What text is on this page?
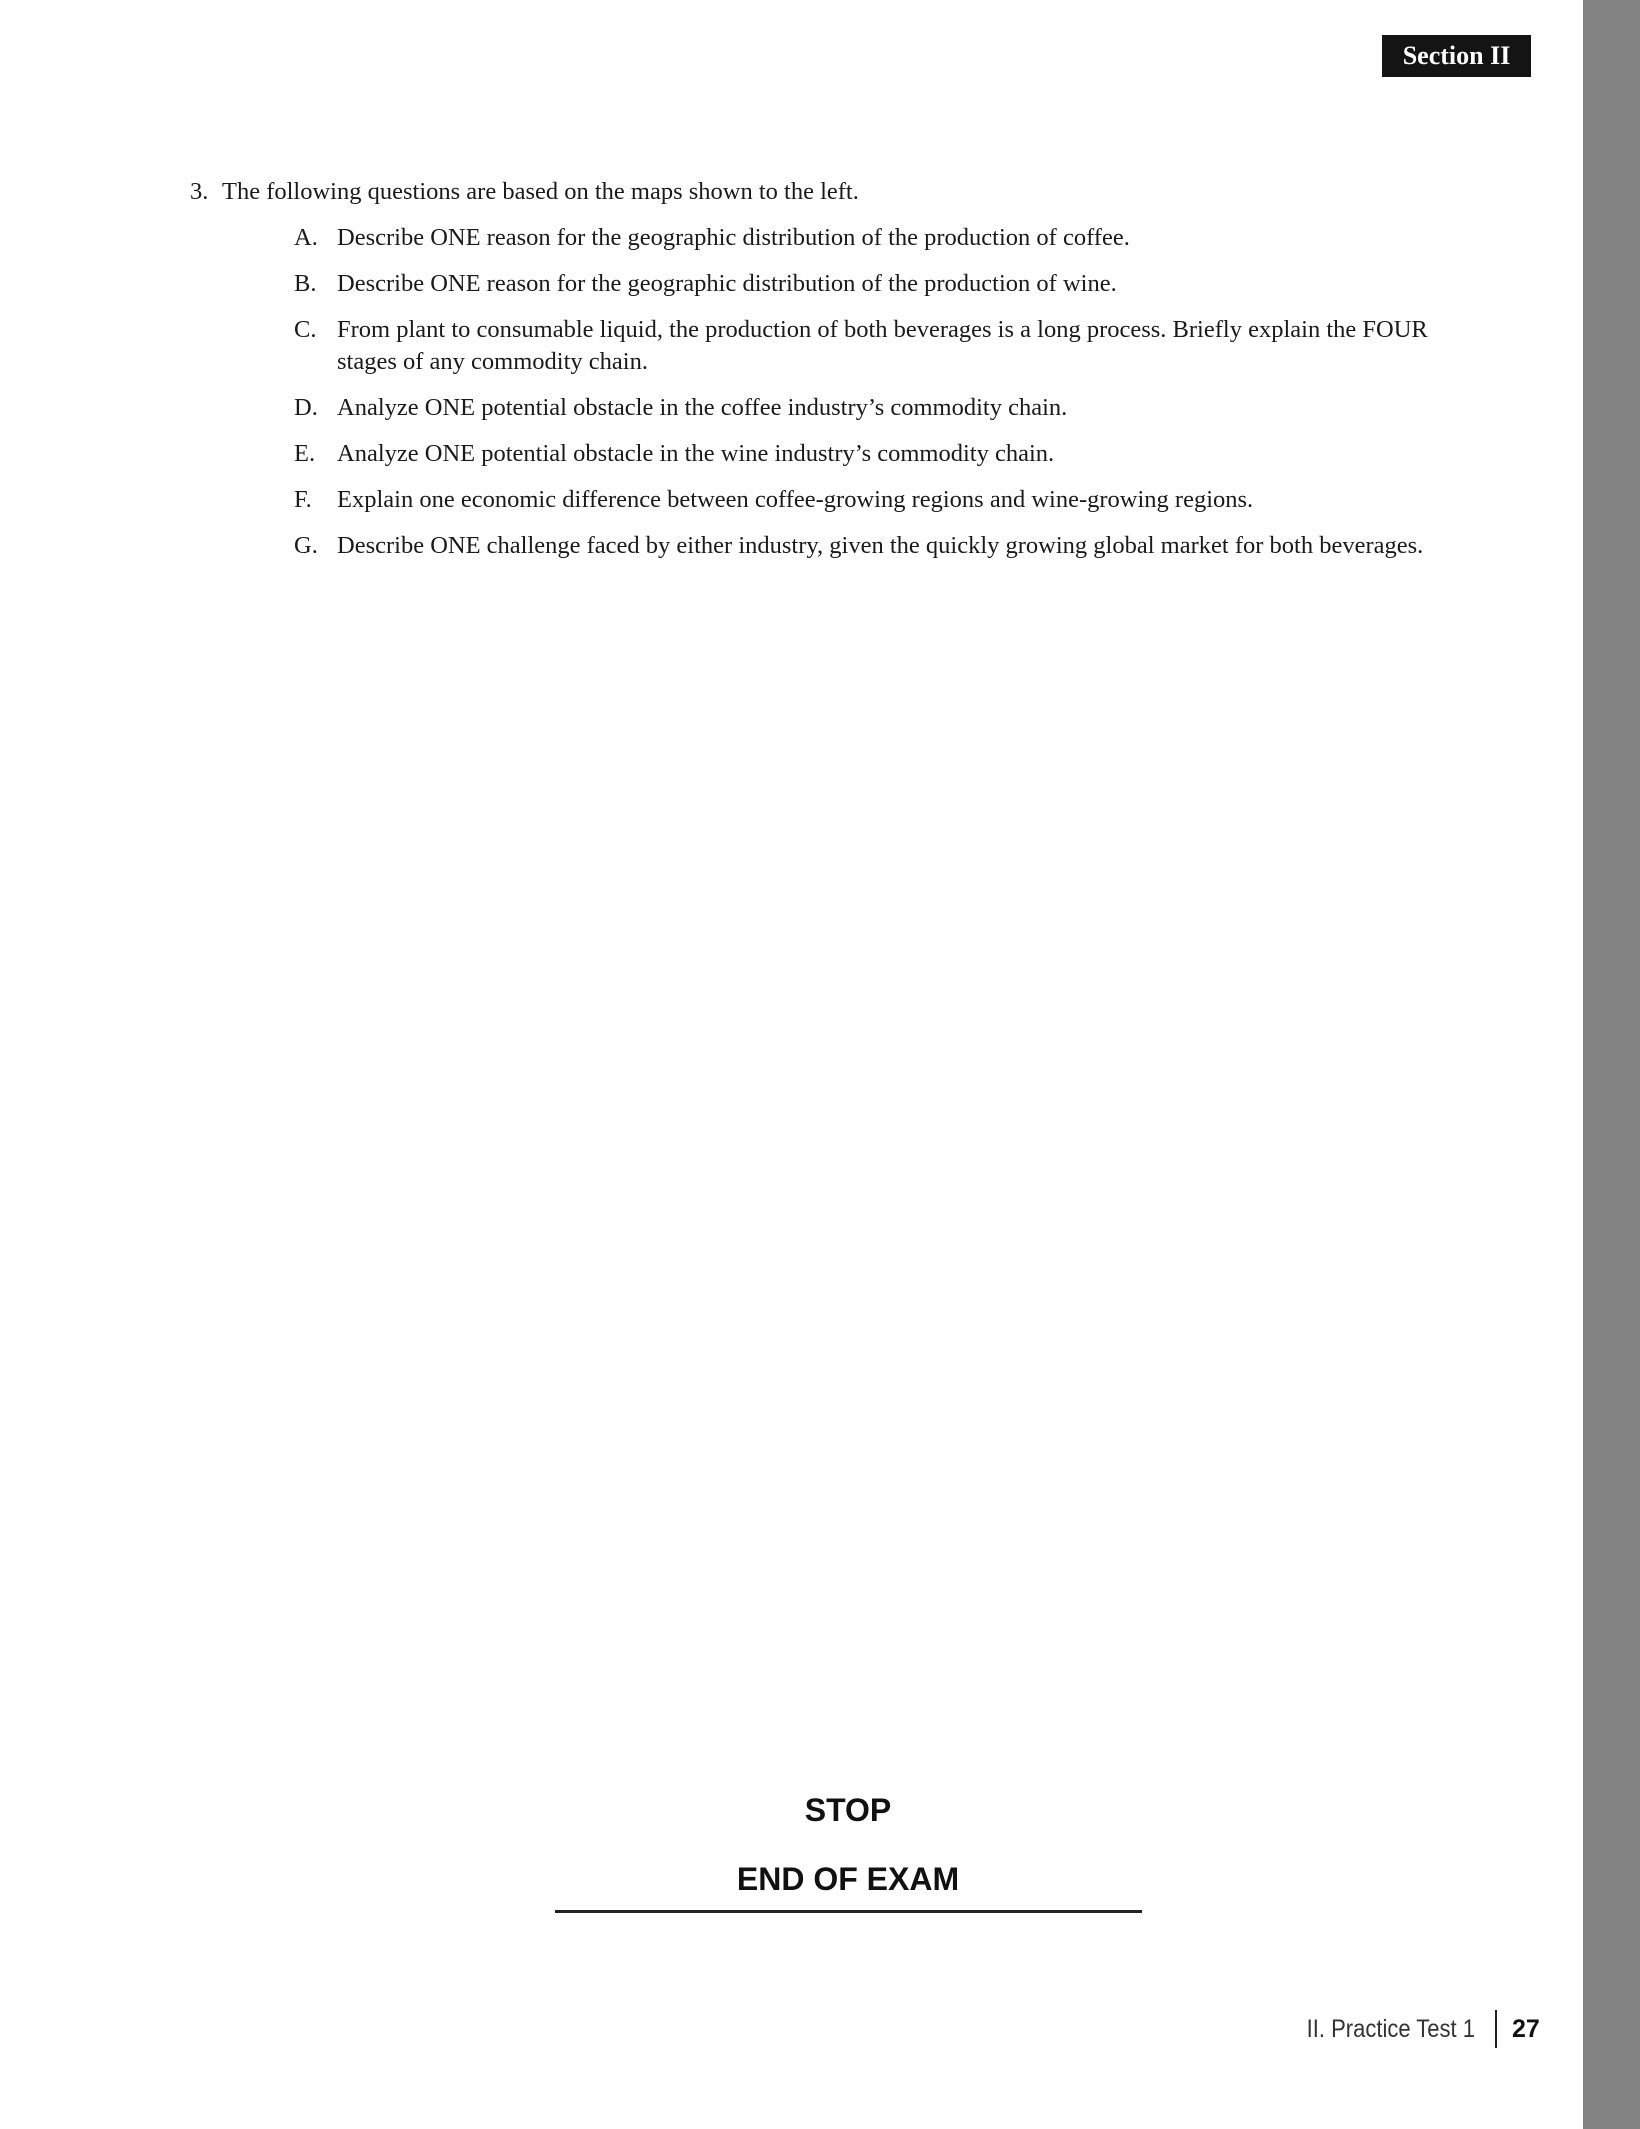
Section II
3. The following questions are based on the maps shown to the left.
A. Describe ONE reason for the geographic distribution of the production of coffee.
B. Describe ONE reason for the geographic distribution of the production of wine.
C. From plant to consumable liquid, the production of both beverages is a long process. Briefly explain the FOUR stages of any commodity chain.
D. Analyze ONE potential obstacle in the coffee industry’s commodity chain.
E. Analyze ONE potential obstacle in the wine industry’s commodity chain.
F.	Explain one economic difference between coffee-growing regions and wine-growing regions.
G. Describe ONE challenge faced by either industry, given the quickly growing global market for both beverages.
STOP
END OF EXAM
II. Practice Test 1 27
